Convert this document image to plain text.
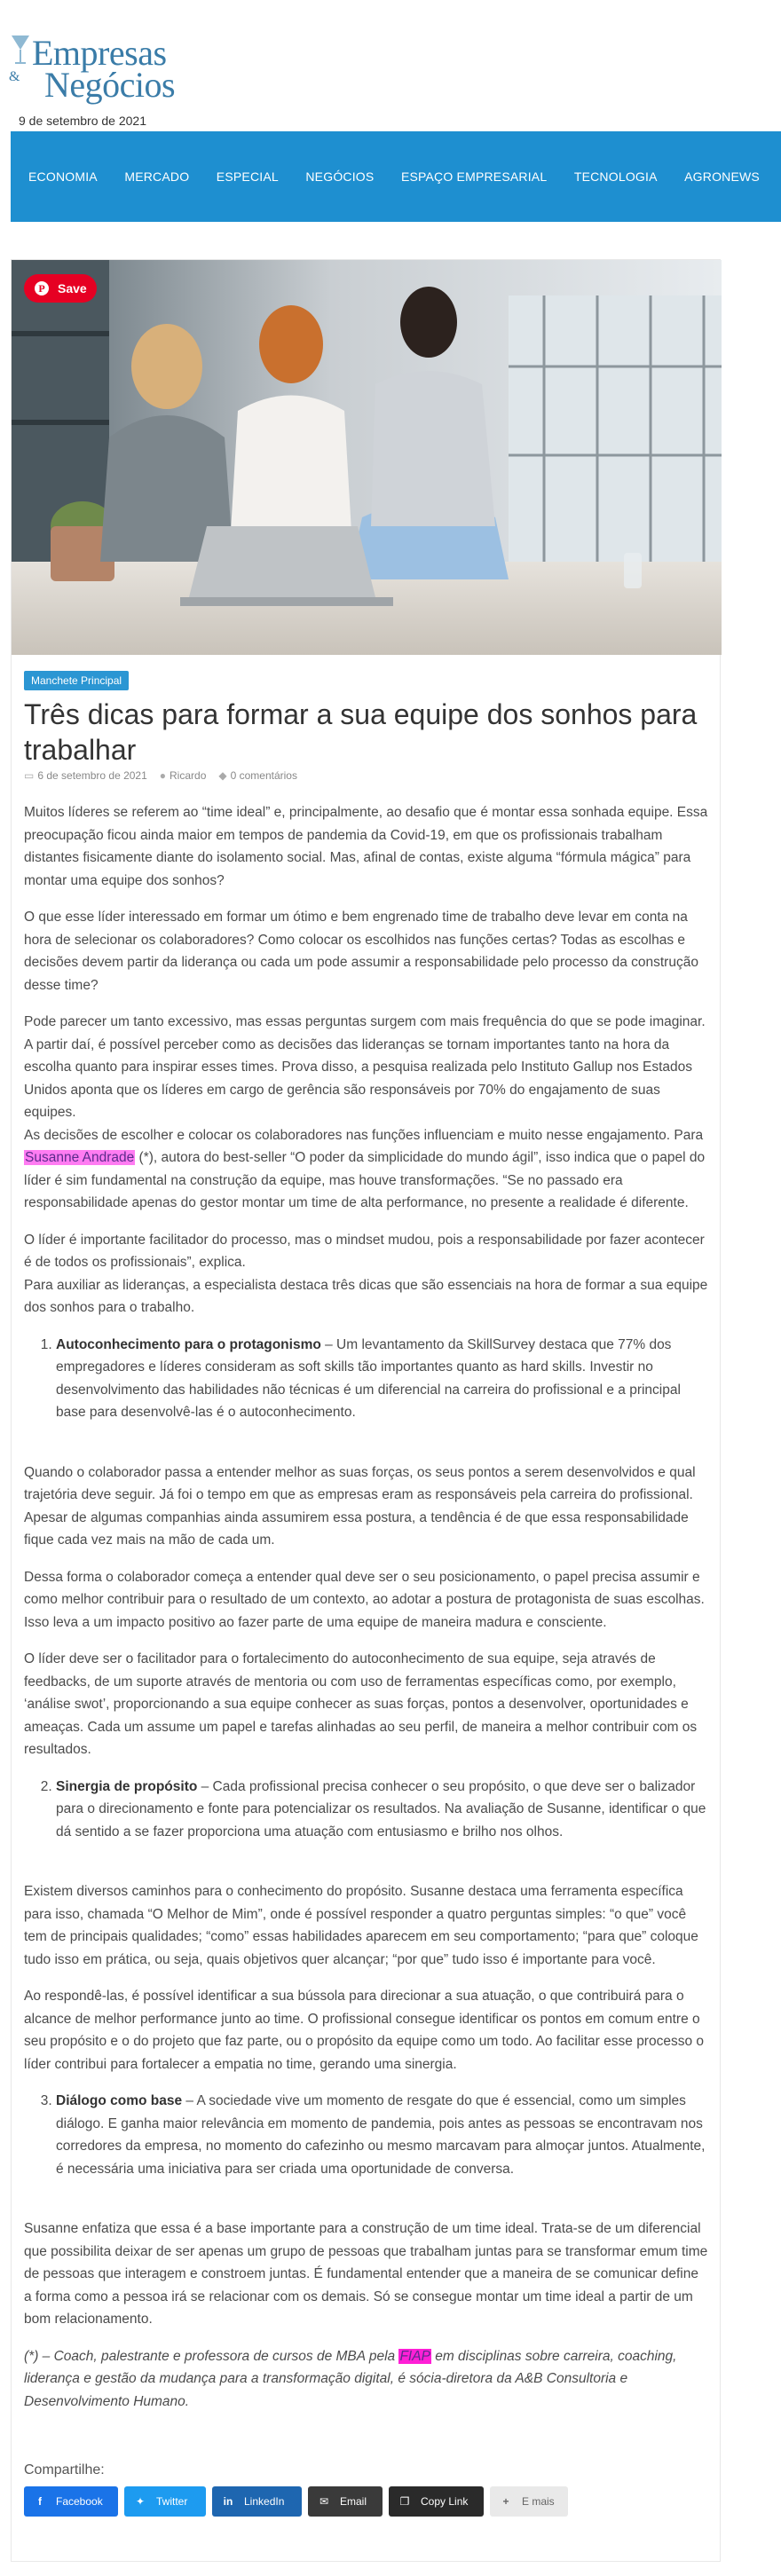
Empresas
& Negócios
9 de setembro de 2021
ECONOMIA MERCADO ESPECIAL NEGÓCIOS ESPAÇO EMPRESARIAL TECNOLOGIA AGRONEWS
P	Save
Manchete Principal
Três dicas para formar a sua equipe dos sonhos para trabalhar
▭ 6 de setembro de 2021 ● Ricardo ◆ 0 comentários

Muitos líderes se referem ao “time ideal” e, principalmente, ao desafio que é montar essa sonhada equipe. Essa preocupação ficou ainda maior em tempos de pandemia da Covid-19, em que os profissionais trabalham distantes fisicamente diante do isolamento social. Mas, afinal de contas, existe alguma “fórmula mágica” para montar uma equipe dos sonhos?

O que esse líder interessado em formar um ótimo e bem engrenado time de trabalho deve levar em conta na hora de selecionar os colaboradores? Como colocar os escolhidos nas funções certas? Todas as escolhas e decisões devem partir da liderança ou cada um pode assumir a responsabilidade pelo processo da construção desse time?

Pode parecer um tanto excessivo, mas essas perguntas surgem com mais frequência do que se pode imaginar. A partir daí, é possível perceber como as decisões das lideranças se tornam importantes tanto na hora da escolha quanto para inspirar esses times. Prova disso, a pesquisa realizada pelo Instituto Gallup nos Estados Unidos aponta que os líderes em cargo de gerência são responsáveis por 70% do engajamento de suas equipes.

As decisões de escolher e colocar os colaboradores nas funções influenciam e muito nesse engajamento. Para Susanne Andrade (*), autora do best-seller “O poder da simplicidade do mundo ágil”, isso indica que o papel do líder é sim fundamental na construção da equipe, mas houve transformações. “Se no passado era responsabilidade apenas do gestor montar um time de alta performance, no presente a realidade é diferente.

O líder é importante facilitador do processo, mas o mindset mudou, pois a responsabilidade por fazer acontecer é de todos os profissionais”, explica.

Para auxiliar as lideranças, a especialista destaca três dicas que são essenciais na hora de formar a sua equipe dos sonhos para o trabalho.

1. Autoconhecimento para o protagonismo – Um levantamento da SkillSurvey destaca que 77% dos empregadores e líderes consideram as soft skills tão importantes quanto as hard skills. Investir no desenvolvimento das habilidades não técnicas é um diferencial na carreira do profissional e a principal base para desenvolvê-las é o autoconhecimento.

Quando o colaborador passa a entender melhor as suas forças, os seus pontos a serem desenvolvidos e qual trajetória deve seguir. Já foi o tempo em que as empresas eram as responsáveis pela carreira do profissional. Apesar de algumas companhias ainda assumirem essa postura, a tendência é de que essa responsabilidade fique cada vez mais na mão de cada um.

Dessa forma o colaborador começa a entender qual deve ser o seu posicionamento, o papel precisa assumir e como melhor contribuir para o resultado de um contexto, ao adotar a postura de protagonista de suas escolhas. Isso leva a um impacto positivo ao fazer parte de uma equipe de maneira madura e consciente.

O líder deve ser o facilitador para o fortalecimento do autoconhecimento de sua equipe, seja através de feedbacks, de um suporte através de mentoria ou com uso de ferramentas específicas como, por exemplo, ‘análise swot’, proporcionando a sua equipe conhecer as suas forças, pontos a desenvolver, oportunidades e ameaças. Cada um assume um papel e tarefas alinhadas ao seu perfil, de maneira a melhor contribuir com os resultados.

2. Sinergia de propósito – Cada profissional precisa conhecer o seu propósito, o que deve ser o balizador para o direcionamento e fonte para potencializar os resultados. Na avaliação de Susanne, identificar o que dá sentido a se fazer proporciona uma atuação com entusiasmo e brilho nos olhos.

Existem diversos caminhos para o conhecimento do propósito. Susanne destaca uma ferramenta específica para isso, chamada “O Melhor de Mim”, onde é possível responder a quatro perguntas simples: “o que” você tem de principais qualidades; “como” essas habilidades aparecem em seu comportamento; “para que” coloque tudo isso em prática, ou seja, quais objetivos quer alcançar; “por que” tudo isso é importante para você.

Ao respondê-las, é possível identificar a sua bússola para direcionar a sua atuação, o que contribuirá para o alcance de melhor performance junto ao time. O profissional consegue identificar os pontos em comum entre o seu propósito e o do projeto que faz parte, ou o propósito da equipe como um todo. Ao facilitar esse processo o líder contribui para fortalecer a empatia no time, gerando uma sinergia.

3. Diálogo como base – A sociedade vive um momento de resgate do que é essencial, como um simples diálogo. E ganha maior relevância em momento de pandemia, pois antes as pessoas se encontravam nos corredores da empresa, no momento do cafezinho ou mesmo marcavam para almoçar juntos. Atualmente, é necessária uma iniciativa para ser criada uma oportunidade de conversa.

Susanne enfatiza que essa é a base importante para a construção de um time ideal. Trata-se de um diferencial que possibilita deixar de ser apenas um grupo de pessoas que trabalham juntas para se transformar emum time de pessoas que interagem e constroem juntas. É fundamental entender que a maneira de se comunicar define a forma como a pessoa irá se relacionar com os demais. Só se consegue montar um time ideal a partir de um bom relacionamento.

(*) – Coach, palestrante e professora de cursos de MBA pela FIAP em disciplinas sobre carreira, coaching, liderança e gestão da mudança para a transformação digital, é sócia-diretora da A&B Consultoria e Desenvolvimento Humano.

Compartilhe:
f	Facebook	✦ Twitter	in LinkedIn	✉ Email	❐ Copy Link	+	E mais
